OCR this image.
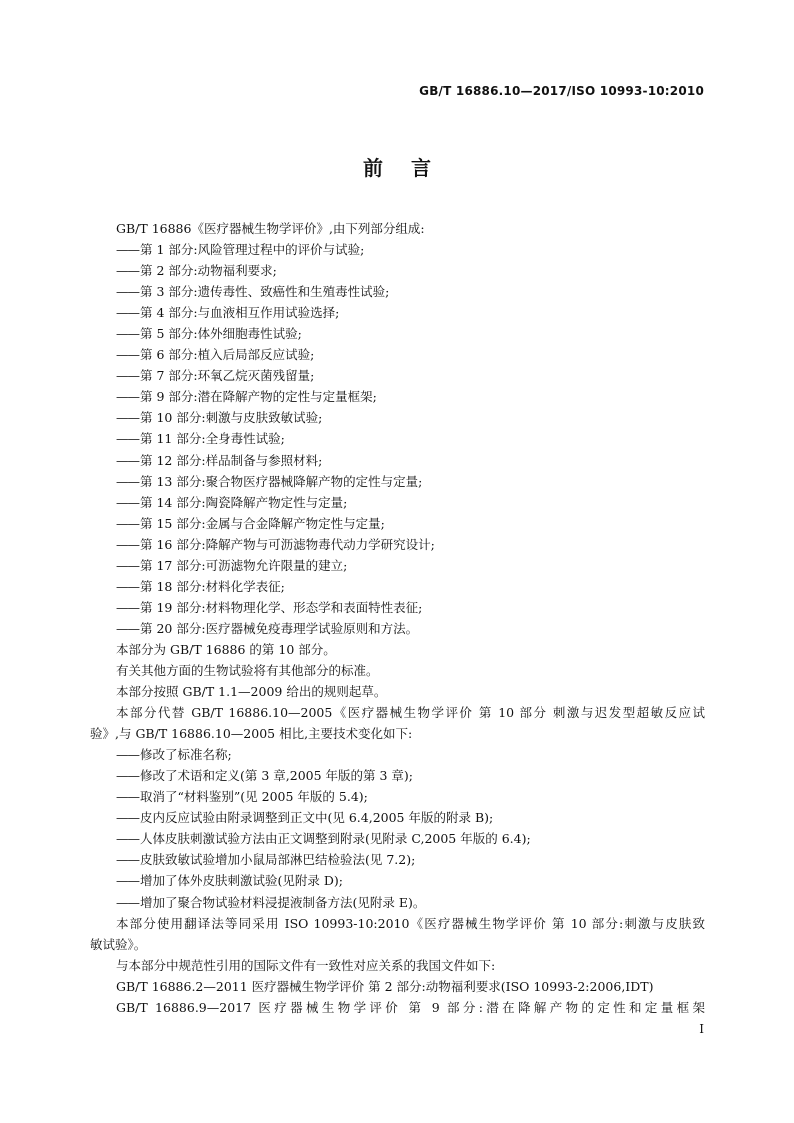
GB/T 16886.10—2017/ISO 10993-10:2010
前言
GB/T 16886《医疗器械生物学评价》,由下列部分组成:
—— 第 1 部分:风险管理过程中的评价与试验;
—— 第 2 部分:动物福利要求;
—— 第 3 部分:遗传毒性、致癌性和生殖毒性试验;
—— 第 4 部分:与血液相互作用试验选择;
—— 第 5 部分:体外细胞毒性试验;
—— 第 6 部分:植入后局部反应试验;
—— 第 7 部分:环氧乙烷灭菌残留量;
—— 第 9 部分:潜在降解产物的定性与定量框架;
—— 第 10 部分:刺激与皮肤致敏试验;
—— 第 11 部分:全身毒性试验;
—— 第 12 部分:样品制备与参照材料;
—— 第 13 部分:聚合物医疗器械降解产物的定性与定量;
—— 第 14 部分:陶瓷降解产物定性与定量;
—— 第 15 部分:金属与合金降解产物定性与定量;
—— 第 16 部分:降解产物与可沥滤物毒代动力学研究设计;
—— 第 17 部分:可沥滤物允许限量的建立;
—— 第 18 部分:材料化学表征;
—— 第 19 部分:材料物理化学、形态学和表面特性表征;
—— 第 20 部分:医疗器械免疫毒理学试验原则和方法。
本部分为 GB/T 16886 的第 10 部分。
有关其他方面的生物试验将有其他部分的标准。
本部分按照 GB/T 1.1—2009 给出的规则起草。
本部分代替 GB/T 16886.10—2005《医疗器械生物学评价 第 10 部分 刺激与迟发型超敏反应试
验》,与 GB/T 16886.10—2005 相比,主要技术变化如下:
—— 修改了标准名称;
—— 修改了术语和定义(第 3 章,2005 年版的第 3 章);
—— 取消了“材料鉴别”(见 2005 年版的 5.4);
—— 皮内反应试验由附录调整到正文中(见 6.4,2005 年版的附录 B);
—— 人体皮肤刺激试验方法由正文调整到附录(见附录 C,2005 年版的 6.4);
—— 皮肤致敏试验增加小鼠局部淋巴结检验法(见 7.2);
—— 增加了体外皮肤刺激试验(见附录 D);
—— 增加了聚合物试验材料浸提液制备方法(见附录 E)。
本部分使用翻译法等同采用 ISO 10993-10:2010《医疗器械生物学评价 第 10 部分:刺激与皮肤致
敏试验》。
与本部分中规范性引用的国际文件有一致性对应关系的我国文件如下:
GB/T 16886.2—2011 医疗器械生物学评价 第 2 部分:动物福利要求(ISO 10993-2:2006,IDT)
GB/T 16886.9—2017 医疗器械生物学评价 第 9 部分:潜在降解产物的定性和定量框架
I
